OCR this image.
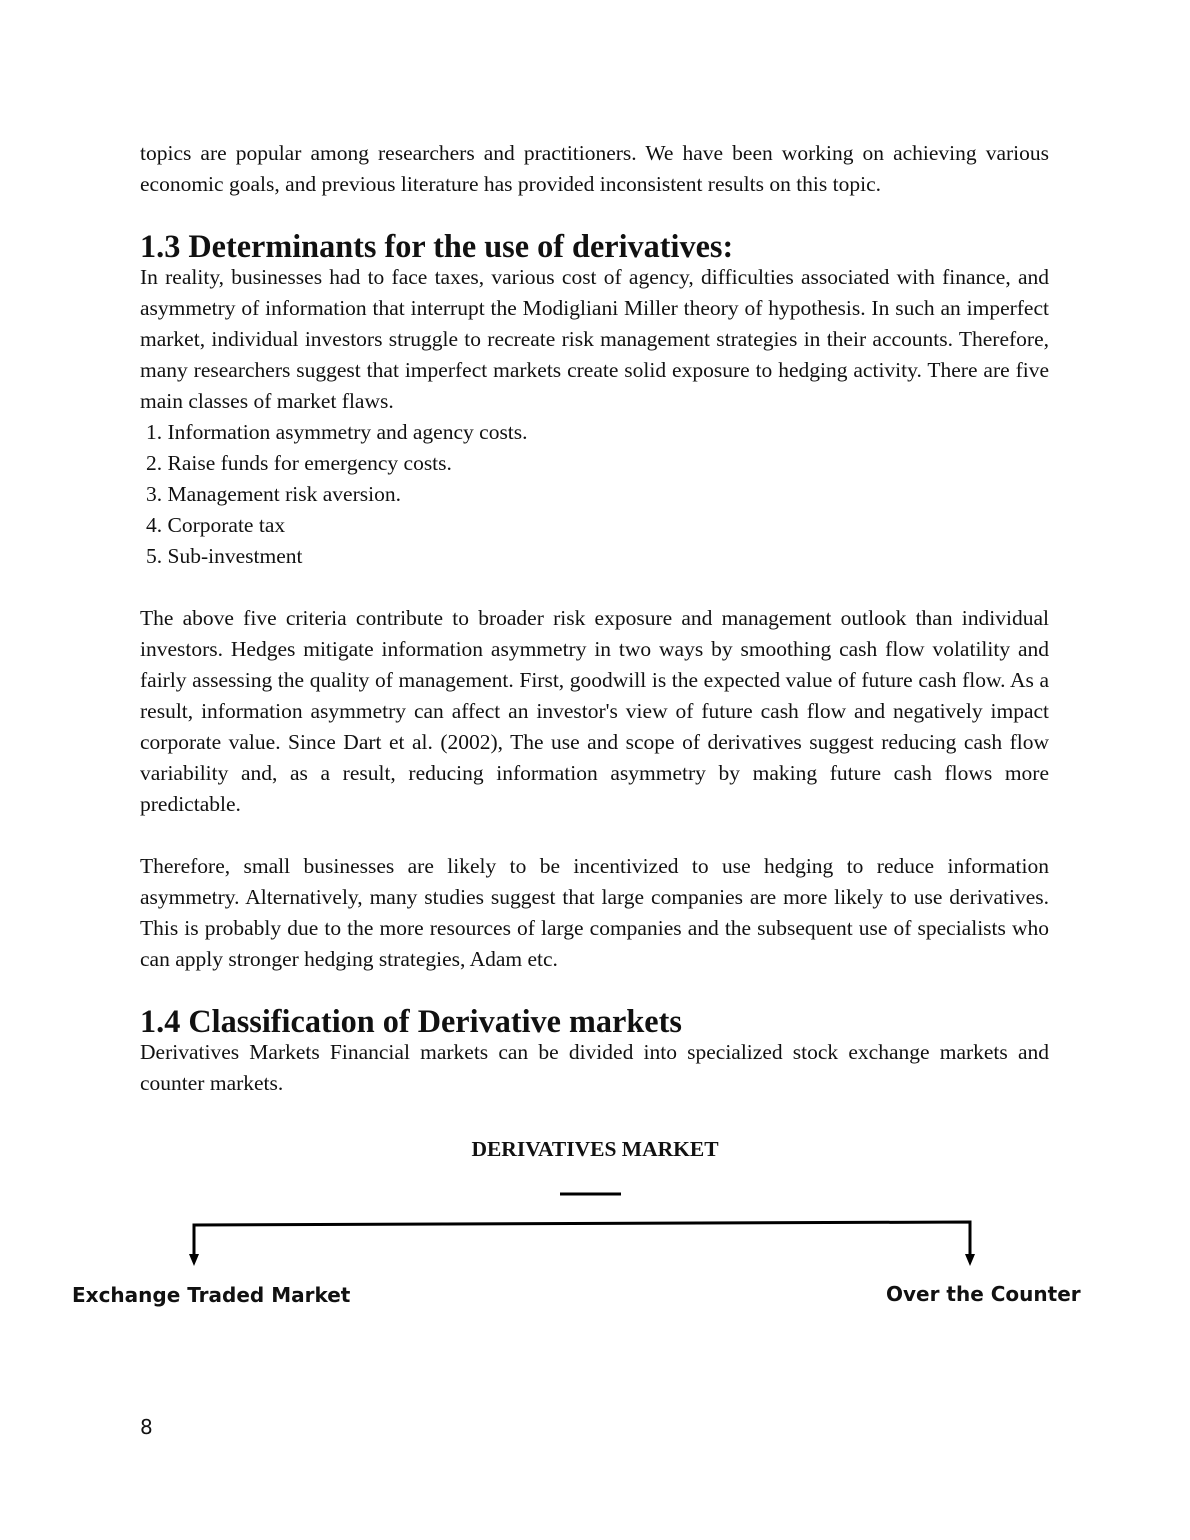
topics are popular among researchers and practitioners. We have been working on achieving various economic goals, and previous literature has provided inconsistent results on this topic.

1.3 Determinants for the use of derivatives:

In reality, businesses had to face taxes, various cost of agency, difficulties associated with finance, and asymmetry of information that interrupt the Modigliani Miller theory of hypothesis. In such an imperfect market, individual investors struggle to recreate risk management strategies in their accounts. Therefore, many researchers suggest that imperfect markets create solid exposure to hedging activity. There are five main classes of market flaws.

1. Information asymmetry and agency costs.
2. Raise funds for emergency costs.
3. Management risk aversion.
4. Corporate tax
5. Sub-investment

The above five criteria contribute to broader risk exposure and management outlook than individual investors. Hedges mitigate information asymmetry in two ways by smoothing cash flow volatility and fairly assessing the quality of management. First, goodwill is the expected value of future cash flow. As a result, information asymmetry can affect an investor's view of future cash flow and negatively impact corporate value. Since Dart et al. (2002), The use and scope of derivatives suggest reducing cash flow variability and, as a result, reducing information asymmetry by making future cash flows more predictable.

Therefore, small businesses are likely to be incentivized to use hedging to reduce information asymmetry. Alternatively, many studies suggest that large companies are more likely to use derivatives. This is probably due to the more resources of large companies and the subsequent use of specialists who can apply stronger hedging strategies, Adam etc.

1.4 Classification of Derivative markets

Derivatives Markets Financial markets can be divided into specialized stock exchange markets and counter markets.

DERIVATIVES MARKET
Exchange Traded Market	Over the Counter
8
